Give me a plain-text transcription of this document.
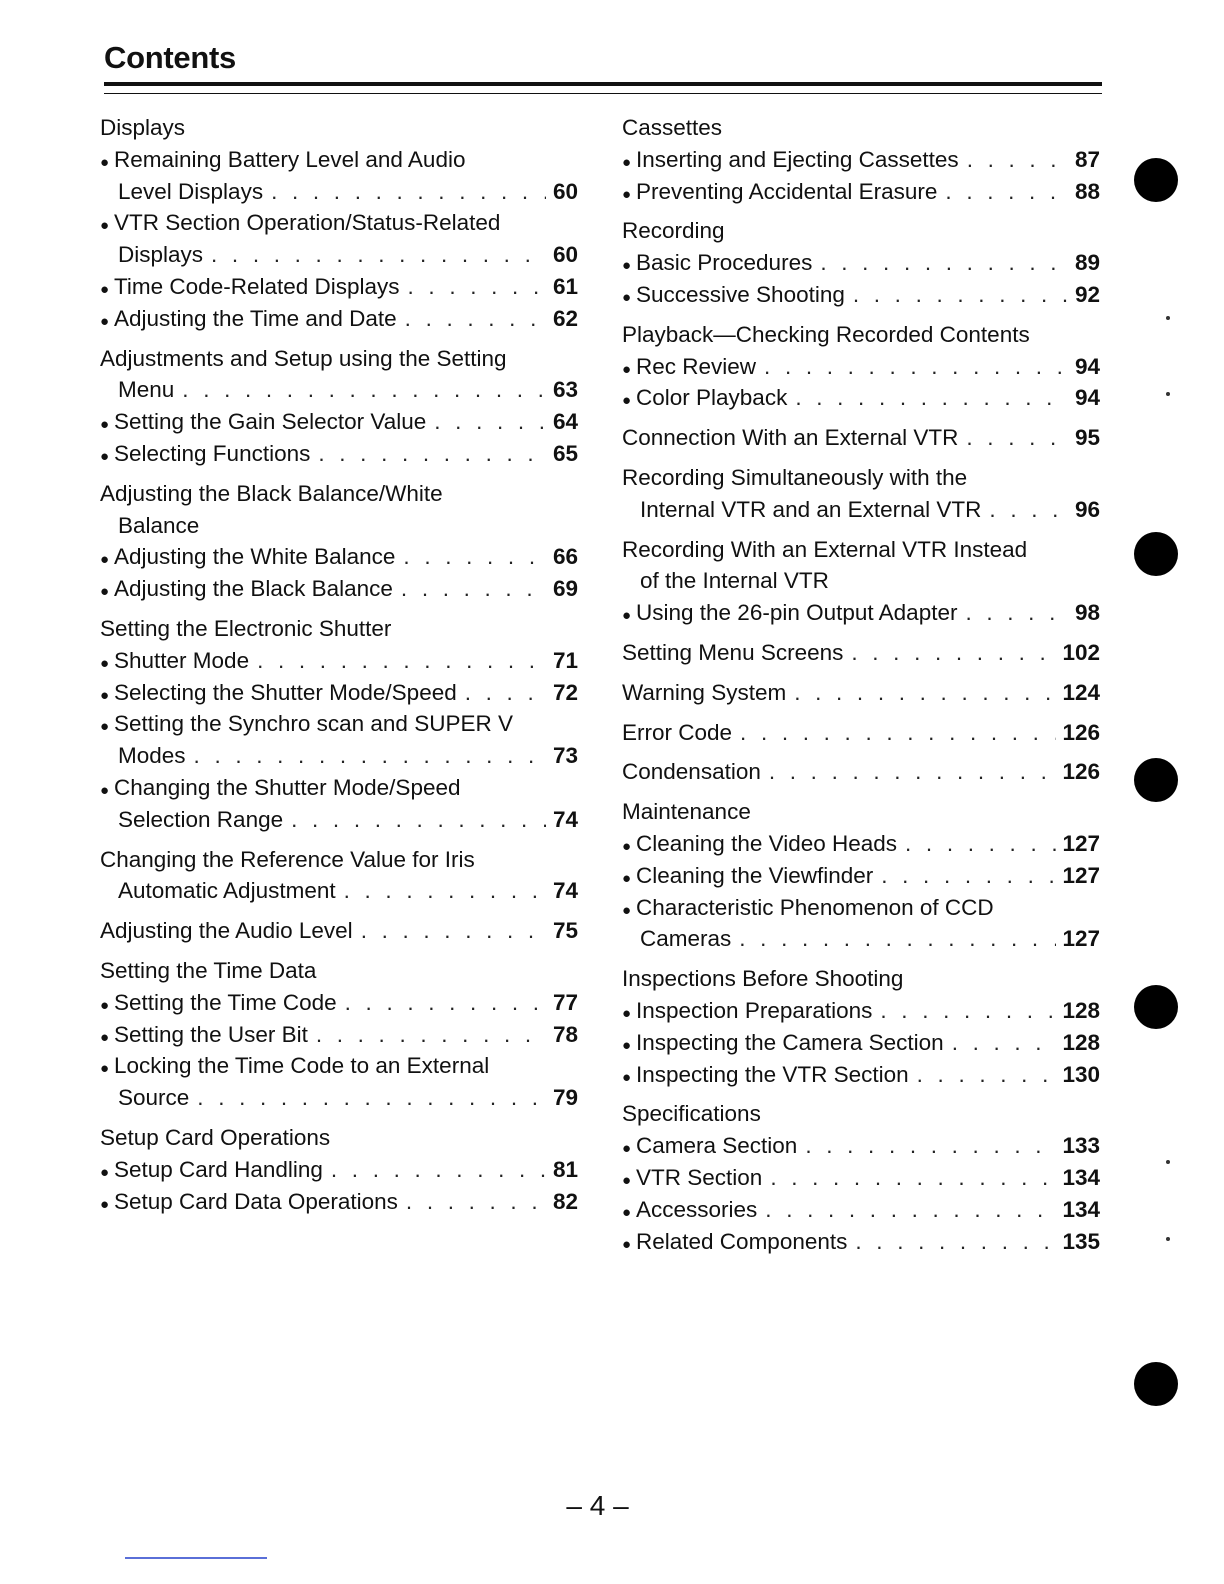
Contents
Displays
● Remaining Battery Level and Audio
Level Displays . . .	60
● VTR Section Operation/Status-Related
Displays . . .	60
● Time Code-Related Displays . . .	61
● Adjusting the Time and Date . . .	62
Adjustments and Setup using the Setting
Menu . . .	63
● Setting the Gain Selector Value . . .	64
● Selecting Functions . . .	65
Adjusting the Black Balance/White
Balance
● Adjusting the White Balance . . .	66
● Adjusting the Black Balance . . .	69
Setting the Electronic Shutter
● Shutter Mode . . .	71
● Selecting the Shutter Mode/Speed . . .	72
● Setting the Synchro scan and SUPER V
Modes . . .	73
● Changing the Shutter Mode/Speed
Selection Range . . .	74
Changing the Reference Value for Iris
Automatic Adjustment . . .	74
Adjusting the Audio Level . . .	75
Setting the Time Data
● Setting the Time Code . . .	77
● Setting the User Bit . . .	78
● Locking the Time Code to an External
Source . . .	79
Setup Card Operations
● Setup Card Handling . . .	81
● Setup Card Data Operations . . .	82
Cassettes
● Inserting and Ejecting Cassettes . . .	87
● Preventing Accidental Erasure . . .	88
Recording
● Basic Procedures . . .	89
● Successive Shooting . . .	92
Playback—Checking Recorded Contents
● Rec Review . . .	94
● Color Playback . . .	94
Connection With an External VTR . . .	95
Recording Simultaneously with the
Internal VTR and an External VTR . . .	96
Recording With an External VTR Instead
of the Internal VTR
● Using the 26-pin Output Adapter . . .	98
Setting Menu Screens . . .	102
Warning System . . .	124
Error Code . . .	126
Condensation . . .	126
Maintenance
● Cleaning the Video Heads . . .	127
● Cleaning the Viewfinder . . .	127
● Characteristic Phenomenon of CCD
Cameras . . .	127
Inspections Before Shooting
● Inspection Preparations . . .	128
● Inspecting the Camera Section . . .	128
● Inspecting the VTR Section . . .	130
Specifications
● Camera Section . . .	133
● VTR Section . . .	134
● Accessories . . .	134
● Related Components . . .	135
– 4 –
